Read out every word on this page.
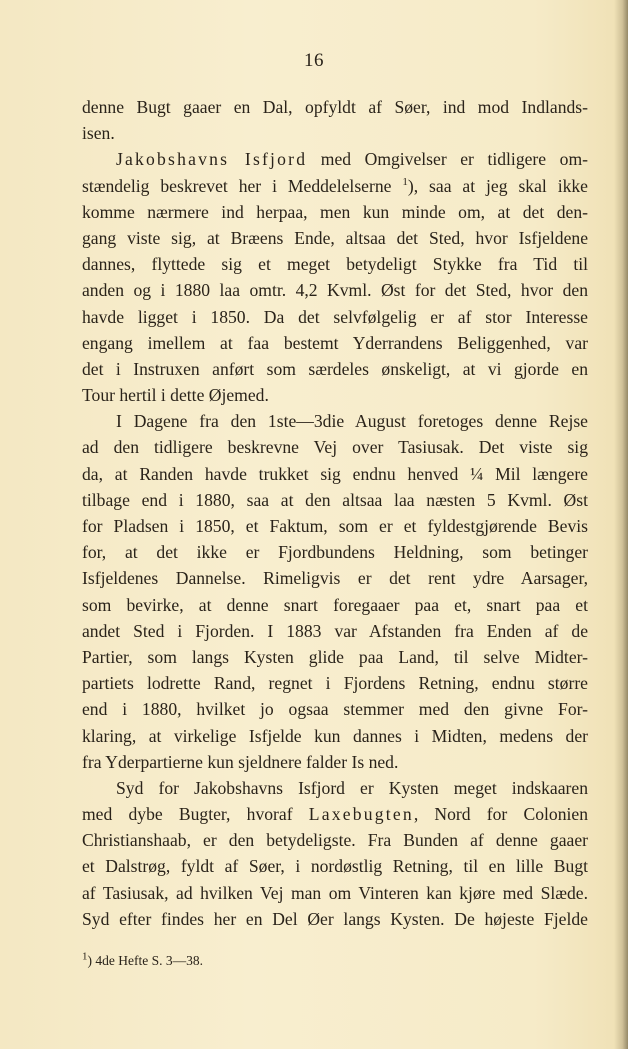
16
denne Bugt gaaer en Dal, opfyldt af Søer, ind mod Indlands-
isen.
Jakobshavns Isfjord med Omgivelser er tidligere om-
stændelig beskrevet her i Meddelelserne $^1$), saa at jeg skal ikke
komme nærmere ind herpaa, men kun minde om, at det den-
gang viste sig, at Bræens Ende, altsaa det Sted, hvor Isfjeldene
dannes, flyttede sig et meget betydeligt Stykke fra Tid til
anden og i 1880 laa omtr. 4,2 Kvml. Øst for det Sted, hvor den
havde ligget i 1850. Da det selvfølgelig er af stor Interesse
engang imellem at faa bestemt Yderrandens Beliggenhed, var
det i Instruxen anført som særdeles ønskeligt, at vi gjorde en
Tour hertil i dette Øjemed.
I Dagene fra den 1ste—3die August foretoges denne Rejse
ad den tidligere beskrevne Vej over Tasiusak. Det viste sig
da, at Randen havde trukket sig endnu henved ¼ Mil længere
tilbage end i 1880, saa at den altsaa laa næsten 5 Kvml. Øst
for Pladsen i 1850, et Faktum, som er et fyldestgjørende Bevis
for, at det ikke er Fjordbundens Heldning, som betinger
Isfjeldenes Dannelse. Rimeligvis er det rent ydre Aarsager,
som bevirke, at denne snart foregaaer paa et, snart paa et
andet Sted i Fjorden. I 1883 var Afstanden fra Enden af de
Partier, som langs Kysten glide paa Land, til selve Midter-
partiets lodrette Rand, regnet i Fjordens Retning, endnu større
end i 1880, hvilket jo ogsaa stemmer med den givne For-
klaring, at virkelige Isfjelde kun dannes i Midten, medens der
fra Yderpartierne kun sjeldnere falder Is ned.
Syd for Jakobshavns Isfjord er Kysten meget indskaaren
med dybe Bugter, hvoraf Laxebugten, Nord for Colonien
Christianshaab, er den betydeligste. Fra Bunden af denne gaaer
et Dalstrøg, fyldt af Søer, i nordøstlig Retning, til en lille Bugt
af Tasiusak, ad hvilken Vej man om Vinteren kan kjøre med Slæde.
Syd efter findes her en Del Øer langs Kysten. De højeste Fjelde
$^1$) 4de Hefte S. 3—38.
